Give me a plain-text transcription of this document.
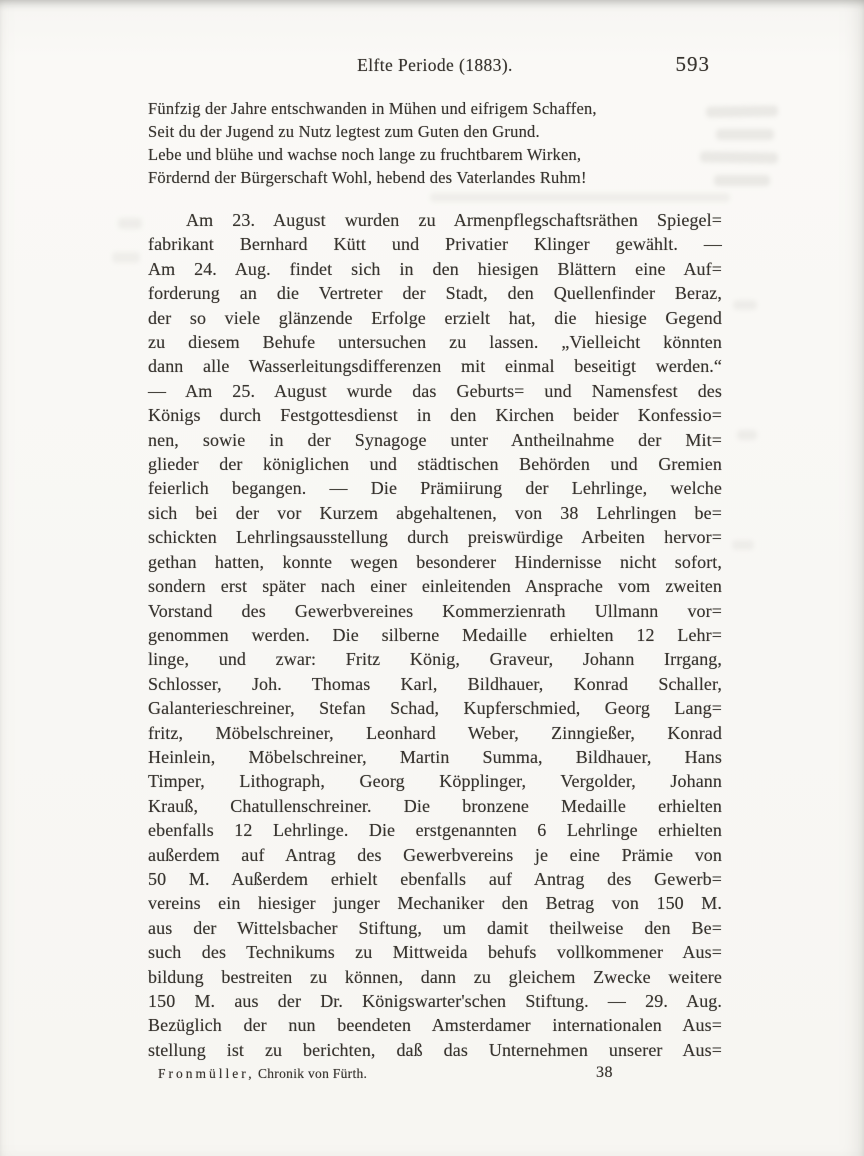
Elfte Periode (1883).	593
Fünfzig der Jahre entschwanden in Mühen und eifrigem Schaffen,
Seit du der Jugend zu Nutz legtest zum Guten den Grund.
Lebe und blühe und wachse noch lange zu fruchtbarem Wirken,
Fördernd der Bürgerschaft Wohl, hebend des Vaterlandes Ruhm!
Am 23. August wurden zu Armenpflegschaftsräthen Spiegel=
fabrikant Bernhard Kütt und Privatier Klinger gewählt. —
Am 24. Aug. findet sich in den hiesigen Blättern eine Auf=
forderung an die Vertreter der Stadt, den Quellenfinder Beraz,
der so viele glänzende Erfolge erzielt hat, die hiesige Gegend
zu diesem Behufe untersuchen zu lassen. „Vielleicht könnten
dann alle Wasserleitungsdifferenzen mit einmal beseitigt werden.“
— Am 25. August wurde das Geburts= und Namensfest des
Königs durch Festgottesdienst in den Kirchen beider Konfessio=
nen, sowie in der Synagoge unter Antheilnahme der Mit=
glieder der königlichen und städtischen Behörden und Gremien
feierlich begangen. — Die Prämiirung der Lehrlinge, welche
sich bei der vor Kurzem abgehaltenen, von 38 Lehrlingen be=
schickten Lehrlingsausstellung durch preiswürdige Arbeiten hervor=
gethan hatten, konnte wegen besonderer Hindernisse nicht sofort,
sondern erst später nach einer einleitenden Ansprache vom zweiten
Vorstand des Gewerbvereines Kommerzienrath Ullmann vor=
genommen werden. Die silberne Medaille erhielten 12 Lehr=
linge, und zwar: Fritz König, Graveur, Johann Irrgang,
Schlosser, Joh. Thomas Karl, Bildhauer, Konrad Schaller,
Galanterieschreiner, Stefan Schad, Kupferschmied, Georg Lang=
fritz, Möbelschreiner, Leonhard Weber, Zinngießer, Konrad
Heinlein, Möbelschreiner, Martin Summa, Bildhauer, Hans
Timper, Lithograph, Georg Köpplinger, Vergolder, Johann
Krauß, Chatullenschreiner. Die bronzene Medaille erhielten
ebenfalls 12 Lehrlinge. Die erstgenannten 6 Lehrlinge erhielten
außerdem auf Antrag des Gewerbvereins je eine Prämie von
50 M. Außerdem erhielt ebenfalls auf Antrag des Gewerb=
vereins ein hiesiger junger Mechaniker den Betrag von 150 M.
aus der Wittelsbacher Stiftung, um damit theilweise den Be=
such des Technikums zu Mittweida behufs vollkommener Aus=
bildung bestreiten zu können, dann zu gleichem Zwecke weitere
150 M. aus der Dr. Königswarter'schen Stiftung. — 29. Aug.
Bezüglich der nun beendeten Amsterdamer internationalen Aus=
stellung ist zu berichten, daß das Unternehmen unserer Aus=
Fronmüller, Chronik von Fürth.	38
